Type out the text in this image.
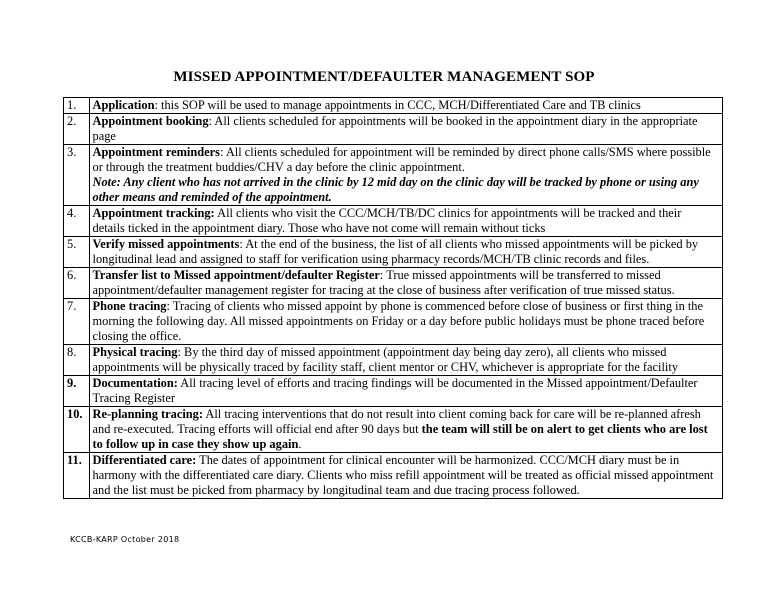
MISSED APPOINTMENT/DEFAULTER MANAGEMENT SOP
1.	Application: this SOP will be used to manage appointments in CCC, MCH/Differentiated Care and TB clinics
2.	Appointment booking: All clients scheduled for appointments will be booked in the appointment diary in the appropriate page
3.	Appointment reminders: All clients scheduled for appointment will be reminded by direct phone calls/SMS where possible or through the treatment buddies/CHV a day before the clinic appointment.
Note: Any client who has not arrived in the clinic by 12 mid day on the clinic day will be tracked by phone or using any other means and reminded of the appointment.
4.	Appointment tracking: All clients who visit the CCC/MCH/TB/DC clinics for appointments will be tracked and their details ticked in the appointment diary. Those who have not come will remain without ticks
5.	Verify missed appointments: At the end of the business, the list of all clients who missed appointments will be picked by longitudinal lead and assigned to staff for verification using pharmacy records/MCH/TB clinic records and files.
6.	Transfer list to Missed appointment/defaulter Register: True missed appointments will be transferred to missed appointment/defaulter management register for tracing at the close of business after verification of true missed status.
7.	Phone tracing: Tracing of clients who missed appoint by phone is commenced before close of business or first thing in the morning the following day. All missed appointments on Friday or a day before public holidays must be phone traced before closing the office.
8.	Physical tracing: By the third day of missed appointment (appointment day being day zero), all clients who missed appointments will be physically traced by facility staff, client mentor or CHV, whichever is appropriate for the facility
9.	Documentation: All tracing level of efforts and tracing findings will be documented in the Missed appointment/Defaulter Tracing Register
10.	Re-planning tracing: All tracing interventions that do not result into client coming back for care will be re-planned afresh and re-executed. Tracing efforts will official end after 90 days but the team will still be on alert to get clients who are lost to follow up in case they show up again.
11.	Differentiated care: The dates of appointment for clinical encounter will be harmonized. CCC/MCH diary must be in harmony with the differentiated care diary. Clients who miss refill appointment will be treated as official missed appointment and the list must be picked from pharmacy by longitudinal team and due tracing process followed.
KCCB-KARP October 2018
